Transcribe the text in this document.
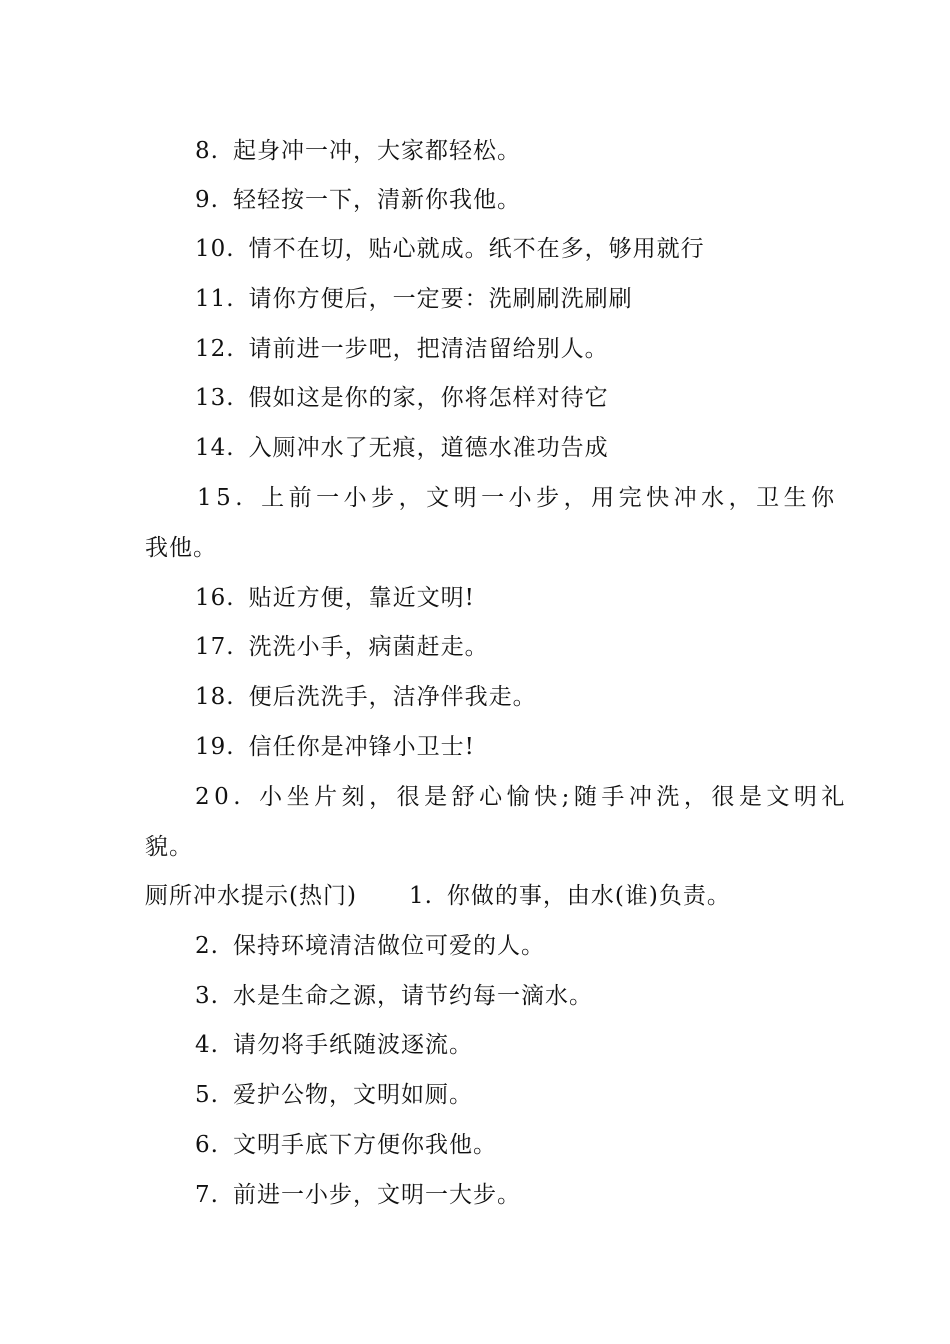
8. 起身冲一冲，大家都轻松。
9. 轻轻按一下，清新你我他。
10. 情不在切，贴心就成。纸不在多，够用就行
11. 请你方便后，一定要：洗刷刷洗刷刷
12. 请前进一步吧，把清洁留给别人。
13. 假如这是你的家，你将怎样对待它
14. 入厕冲水了无痕，道德水准功告成
15. 上前一小步，文明一小步，用完快冲水，卫生你
我他。
16. 贴近方便，靠近文明!
17. 洗洗小手，病菌赶走。
18. 便后洗洗手，洁净伴我走。
19. 信任你是冲锋小卫士!
20. 小坐片刻，很是舒心愉快;随手冲洗，很是文明礼
貌。
厕所冲水提示(热门) 1. 你做的事，由水(谁)负责。
2. 保持环境清洁做位可爱的人。
3. 水是生命之源，请节约每一滴水。
4. 请勿将手纸随波逐流。
5. 爱护公物，文明如厕。
6. 文明手底下方便你我他。
7. 前进一小步，文明一大步。
